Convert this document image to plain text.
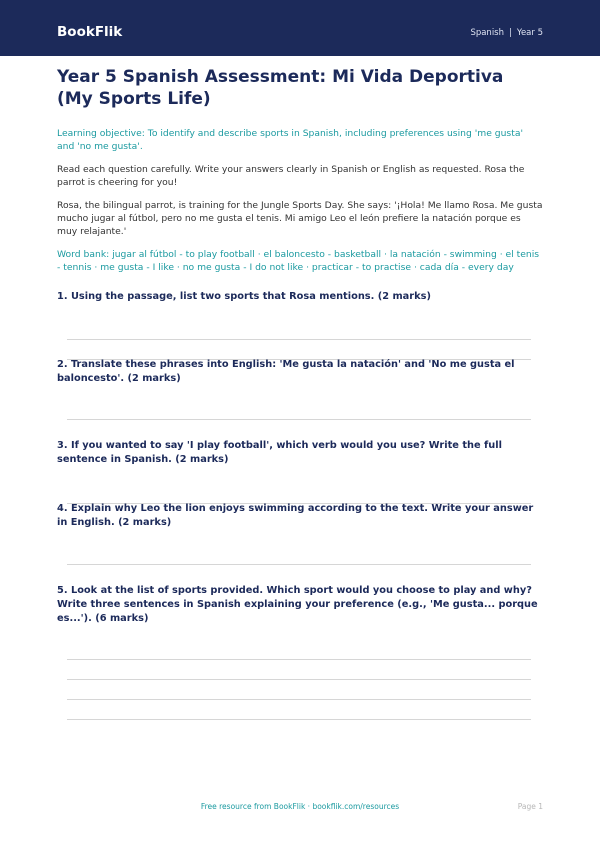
BookFlik	Spanish | Year 5
Year 5 Spanish Assessment: Mi Vida Deportiva (My Sports Life)

Learning objective: To identify and describe sports in Spanish, including preferences using 'me gusta' and 'no me gusta'.

Read each question carefully. Write your answers clearly in Spanish or English as requested. Rosa the parrot is cheering for you!

Rosa, the bilingual parrot, is training for the Jungle Sports Day. She says: '¡Hola! Me llamo Rosa. Me gusta mucho jugar al fútbol, pero no me gusta el tenis. Mi amigo Leo el león prefiere la natación porque es muy relajante.'

Word bank: jugar al fútbol - to play football · el baloncesto - basketball · la natación - swimming · el tenis - tennis · me gusta - I like · no me gusta - I do not like · practicar - to practise · cada día - every day

1. Using the passage, list two sports that Rosa mentions. (2 marks)

2. Translate these phrases into English: 'Me gusta la natación' and 'No me gusta el baloncesto'. (2 marks)

3. If you wanted to say 'I play football', which verb would you use? Write the full sentence in Spanish. (2 marks)

4. Explain why Leo the lion enjoys swimming according to the text. Write your answer in English. (2 marks)

5. Look at the list of sports provided. Which sport would you choose to play and why? Write three sentences in Spanish explaining your preference (e.g., 'Me gusta... porque es...'). (6 marks)

Free resource from BookFlik · bookflik.com/resources	Page 1
